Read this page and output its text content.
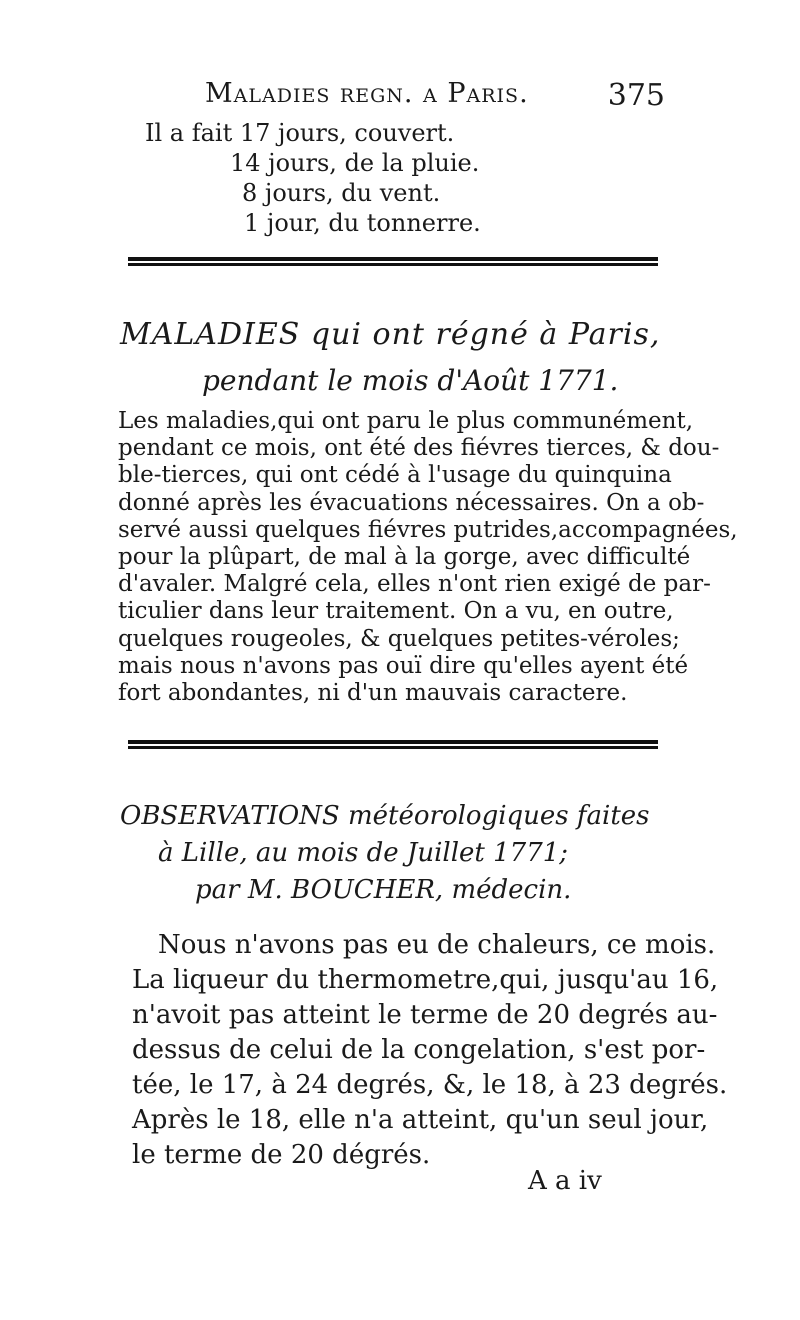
Maladies regn. a Paris.	375
Il a fait 17 jours, couvert.
14 jours, de la pluie.
8 jours, du vent.
1 jour, du tonnerre.
MALADIES qui ont régné à Paris,
pendant le mois d'Août 1771.
Les maladies,qui ont paru le plus communément,
pendant ce mois, ont été des fiévres tierces, & dou-
ble-tierces, qui ont cédé à l'usage du quinquina
donné après les évacuations nécessaires. On a ob-
servé aussi quelques fiévres putrides,accompagnées,
pour la plûpart, de mal à la gorge, avec difficulté
d'avaler. Malgré cela, elles n'ont rien exigé de par-
ticulier dans leur traitement. On a vu, en outre,
quelques rougeoles, & quelques petites-véroles;
mais nous n'avons pas ouï dire qu'elles ayent été
fort abondantes, ni d'un mauvais caractere.
OBSERVATIONS météorologiques faites
à Lille, au mois de Juillet 1771;
par M. BOUCHER, médecin.
Nous n'avons pas eu de chaleurs, ce mois.
La liqueur du thermometre,qui, jusqu'au 16,
n'avoit pas atteint le terme de 20 degrés au-
dessus de celui de la congelation, s'est por-
tée, le 17, à 24 degrés, &, le 18, à 23 degrés.
Après le 18, elle n'a atteint, qu'un seul jour,
le terme de 20 dégrés.
A a iv
